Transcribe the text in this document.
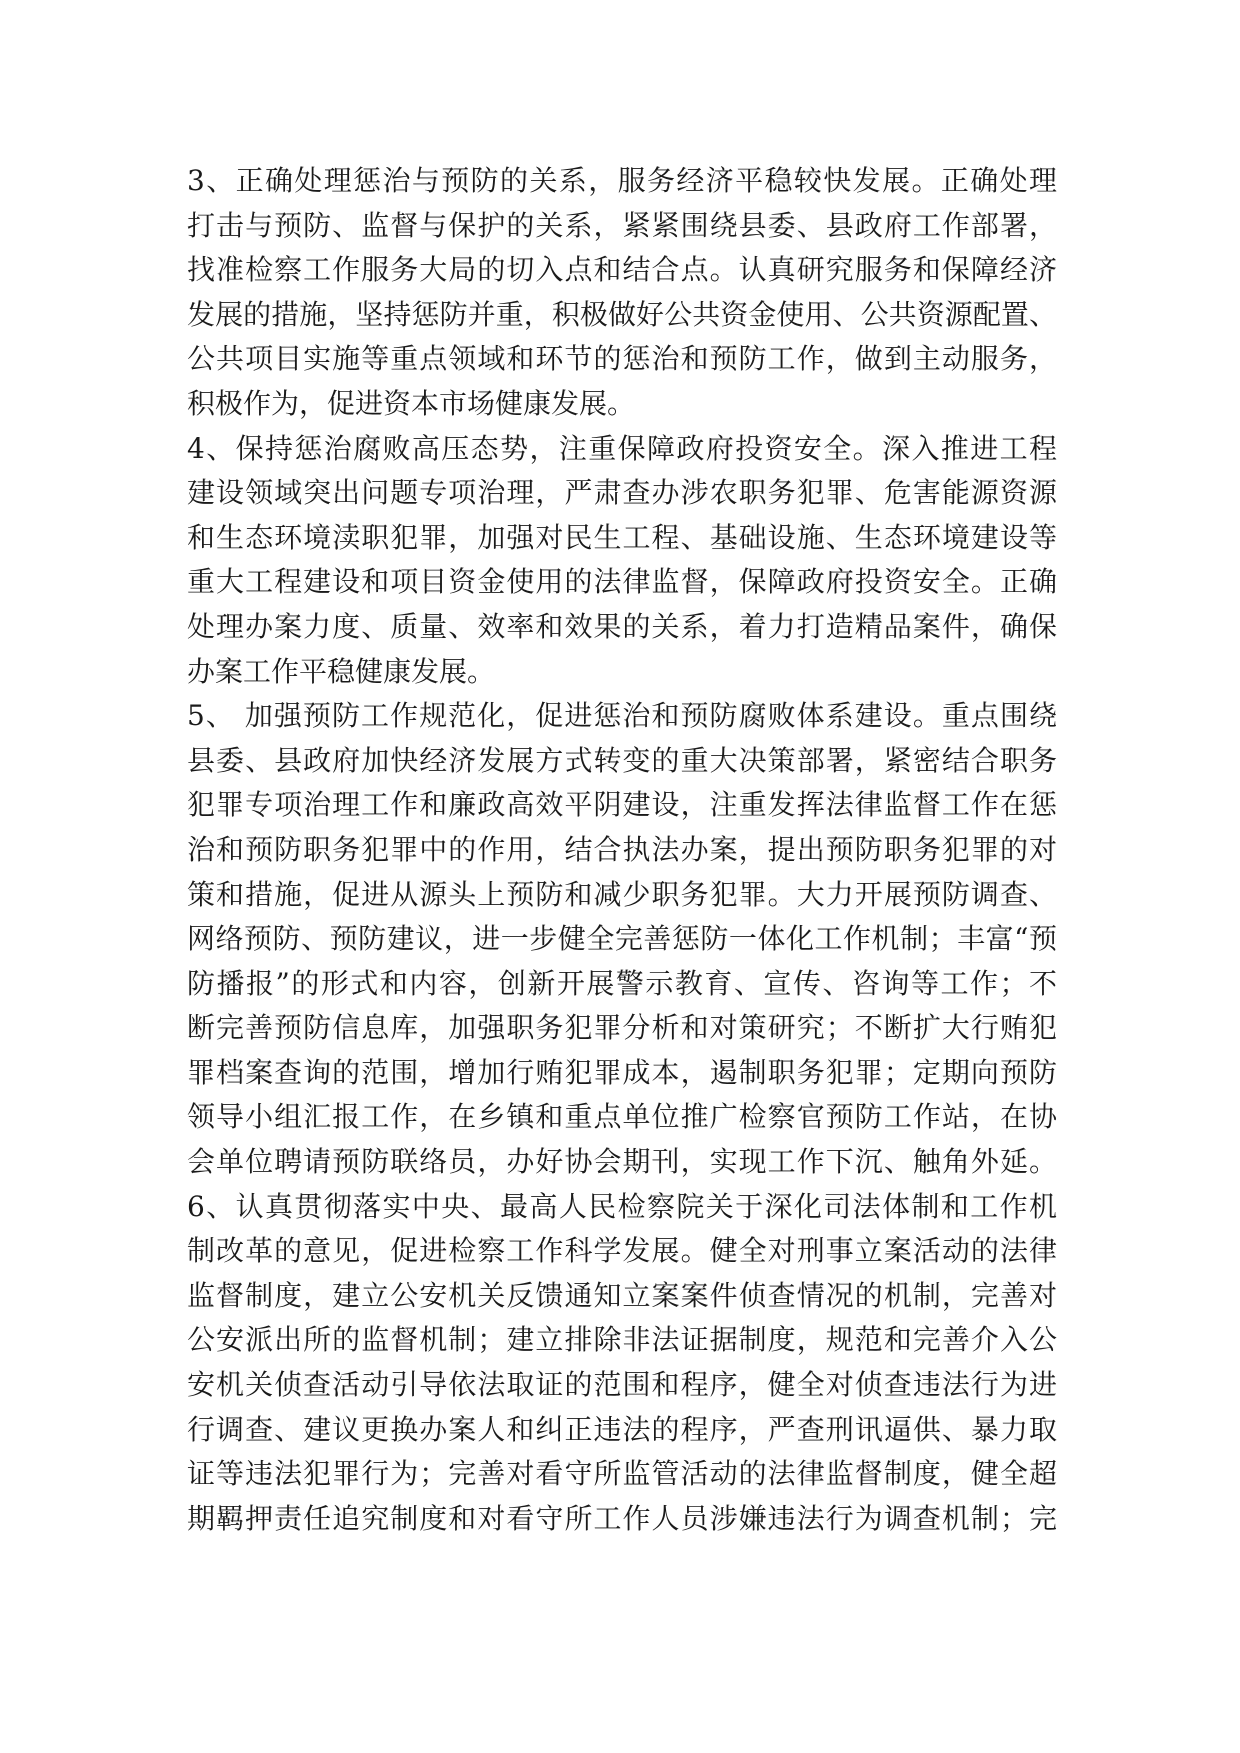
3、正确处理惩治与预防的关系，服务经济平稳较快发展。正确处理
打击与预防、监督与保护的关系，紧紧围绕县委、县政府工作部署，
找准检察工作服务大局的切入点和结合点。认真研究服务和保障经济
发展的措施，坚持惩防并重，积极做好公共资金使用、公共资源配置、
公共项目实施等重点领域和环节的惩治和预防工作，做到主动服务，
积极作为，促进资本市场健康发展。
4、保持惩治腐败高压态势，注重保障政府投资安全。深入推进工程
建设领域突出问题专项治理，严肃查办涉农职务犯罪、危害能源资源
和生态环境渎职犯罪，加强对民生工程、基础设施、生态环境建设等
重大工程建设和项目资金使用的法律监督，保障政府投资安全。正确
处理办案力度、质量、效率和效果的关系，着力打造精品案件，确保
办案工作平稳健康发展。
5、 加强预防工作规范化，促进惩治和预防腐败体系建设。重点围绕
县委、县政府加快经济发展方式转变的重大决策部署，紧密结合职务
犯罪专项治理工作和廉政高效平阴建设，注重发挥法律监督工作在惩
治和预防职务犯罪中的作用，结合执法办案，提出预防职务犯罪的对
策和措施，促进从源头上预防和减少职务犯罪。大力开展预防调查、
网络预防、预防建议，进一步健全完善惩防一体化工作机制；丰富“预
防播报”的形式和内容，创新开展警示教育、宣传、咨询等工作；不
断完善预防信息库，加强职务犯罪分析和对策研究；不断扩大行贿犯
罪档案查询的范围，增加行贿犯罪成本，遏制职务犯罪；定期向预防
领导小组汇报工作，在乡镇和重点单位推广检察官预防工作站，在协
会单位聘请预防联络员，办好协会期刊，实现工作下沉、触角外延。
6、认真贯彻落实中央、最高人民检察院关于深化司法体制和工作机
制改革的意见，促进检察工作科学发展。健全对刑事立案活动的法律
监督制度，建立公安机关反馈通知立案案件侦查情况的机制，完善对
公安派出所的监督机制；建立排除非法证据制度，规范和完善介入公
安机关侦查活动引导依法取证的范围和程序，健全对侦查违法行为进
行调查、建议更换办案人和纠正违法的程序，严查刑讯逼供、暴力取
证等违法犯罪行为；完善对看守所监管活动的法律监督制度，健全超
期羁押责任追究制度和对看守所工作人员涉嫌违法行为调查机制；完
